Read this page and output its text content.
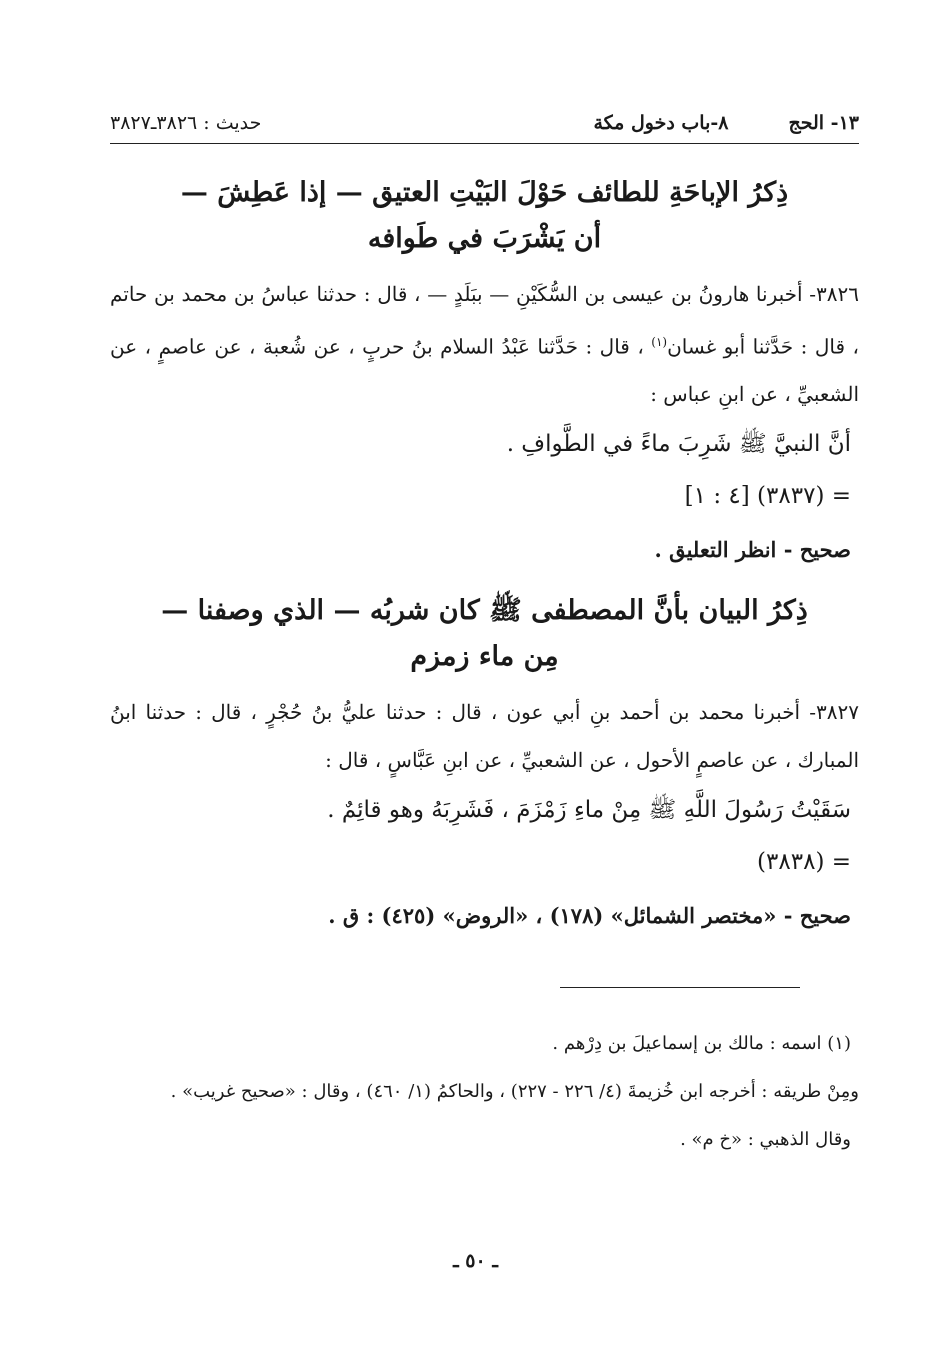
١٣- الحج
٨-باب دخول مكة
حديث : ٣٨٢٦ـ٣٨٢٧
ذِكرُ الإباحَةِ للطائف حَوْلَ البَيْتِ العتيق — إذا عَطِشَ —
أن يَشْرَبَ في طَوافه

٣٨٢٦- أخبرنا هارونُ بن عيسى بن السُّكَيْنِ — ببَلَدٍ — ، قال : حدثنا عباسُ بن محمد بن حاتم ، قال : حَدَّثنا أبو غسان$^{(١)}$ ، قال : حَدَّثنا عَبْدُ السلام بنُ حربٍ ، عن شُعبة ، عن عاصمٍ ، عن الشعبيِّ ، عن ابنِ عباس :

أنَّ النبيَّ ﷺ شَرِبَ ماءً في الطَّوافِ .

= (٣٨٣٧) [٤ : ١]

صحيح - انظر التعليق .

ذِكرُ البيان بأنَّ المصطفى ﷺ كان شربُه — الذي وصفنا —
مِن ماء زمزم

٣٨٢٧- أخبرنا محمد بن أحمد بنِ أبي عون ، قال : حدثنا عليُّ بنُ حُجْرٍ ، قال : حدثنا ابنُ المبارك ، عن عاصمٍ الأحول ، عن الشعبيِّ ، عن ابنِ عَبَّاسٍ ، قال :

سَقَيْتُ رَسُولَ اللَّهِ ﷺ مِنْ ماءِ زَمْزَمَ ، فَشَرِبَهُ وهو قائِمٌ .

= (٣٨٣٨)

صحيح - «مختصر الشمائل» (١٧٨) ، «الروض» (٤٢٥) : ق .

(١) اسمه : مالك بن إسماعيلَ بن دِرْهم .

ومِنْ طريقه : أخرجه ابن خُزيمةَ (٤/ ٢٢٦ - ٢٢٧) ، والحاكمُ (١/ ٤٦٠) ، وقال : «صحيح غريب» .

وقال الذهبي : «خ م» .

ـ ٥٠ ـ
